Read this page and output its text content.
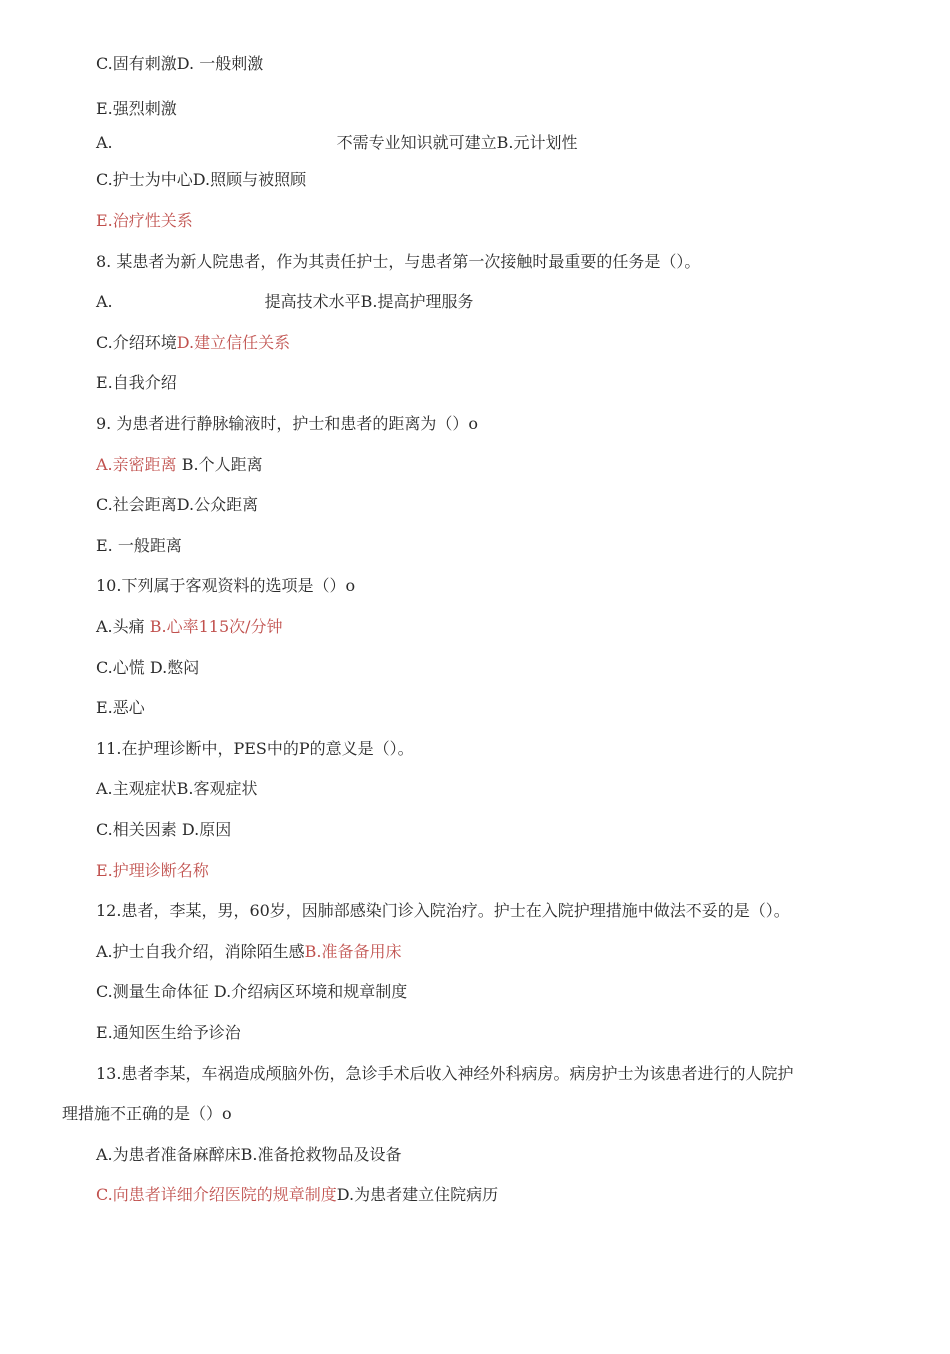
C.固有刺激D. 一般刺激
E.强烈刺激
A.	不需专业知识就可建立B.元计划性
C.护士为中心D.照顾与被照顾
E.治疗性关系
8. 某患者为新人院患者，作为其责任护士，与患者第一次接触时最重要的任务是（）。
A.	提高技术水平B.提高护理服务
C.介绍环境D.建立信任关系
E.自我介绍
9. 为患者进行静脉输液时，护士和患者的距离为（）o
A.亲密距离 B.个人距离
C.社会距离D.公众距离
E. 一般距离
10.下列属于客观资料的选项是（）o
A.头痛 B.心率115次/分钟
C.心慌 D.憋闷
E.恶心
11.在护理诊断中，PES中的P的意义是（）。
A.主观症状B.客观症状
C.相关因素 D.原因
E.护理诊断名称
12.患者，李某，男，60岁，因肺部感染门诊入院治疗。护士在入院护理措施中做法不妥的是（）。
A.护士自我介绍，消除陌生感B.准备备用床
C.测量生命体征 D.介绍病区环境和规章制度
E.通知医生给予诊治
13.患者李某，车祸造成颅脑外伤，急诊手术后收入神经外科病房。病房护士为该患者进行的人院护
理措施不正确的是（）o
A.为患者准备麻醉床B.准备抢救物品及设备
C.向患者详细介绍医院的规章制度D.为患者建立住院病历
